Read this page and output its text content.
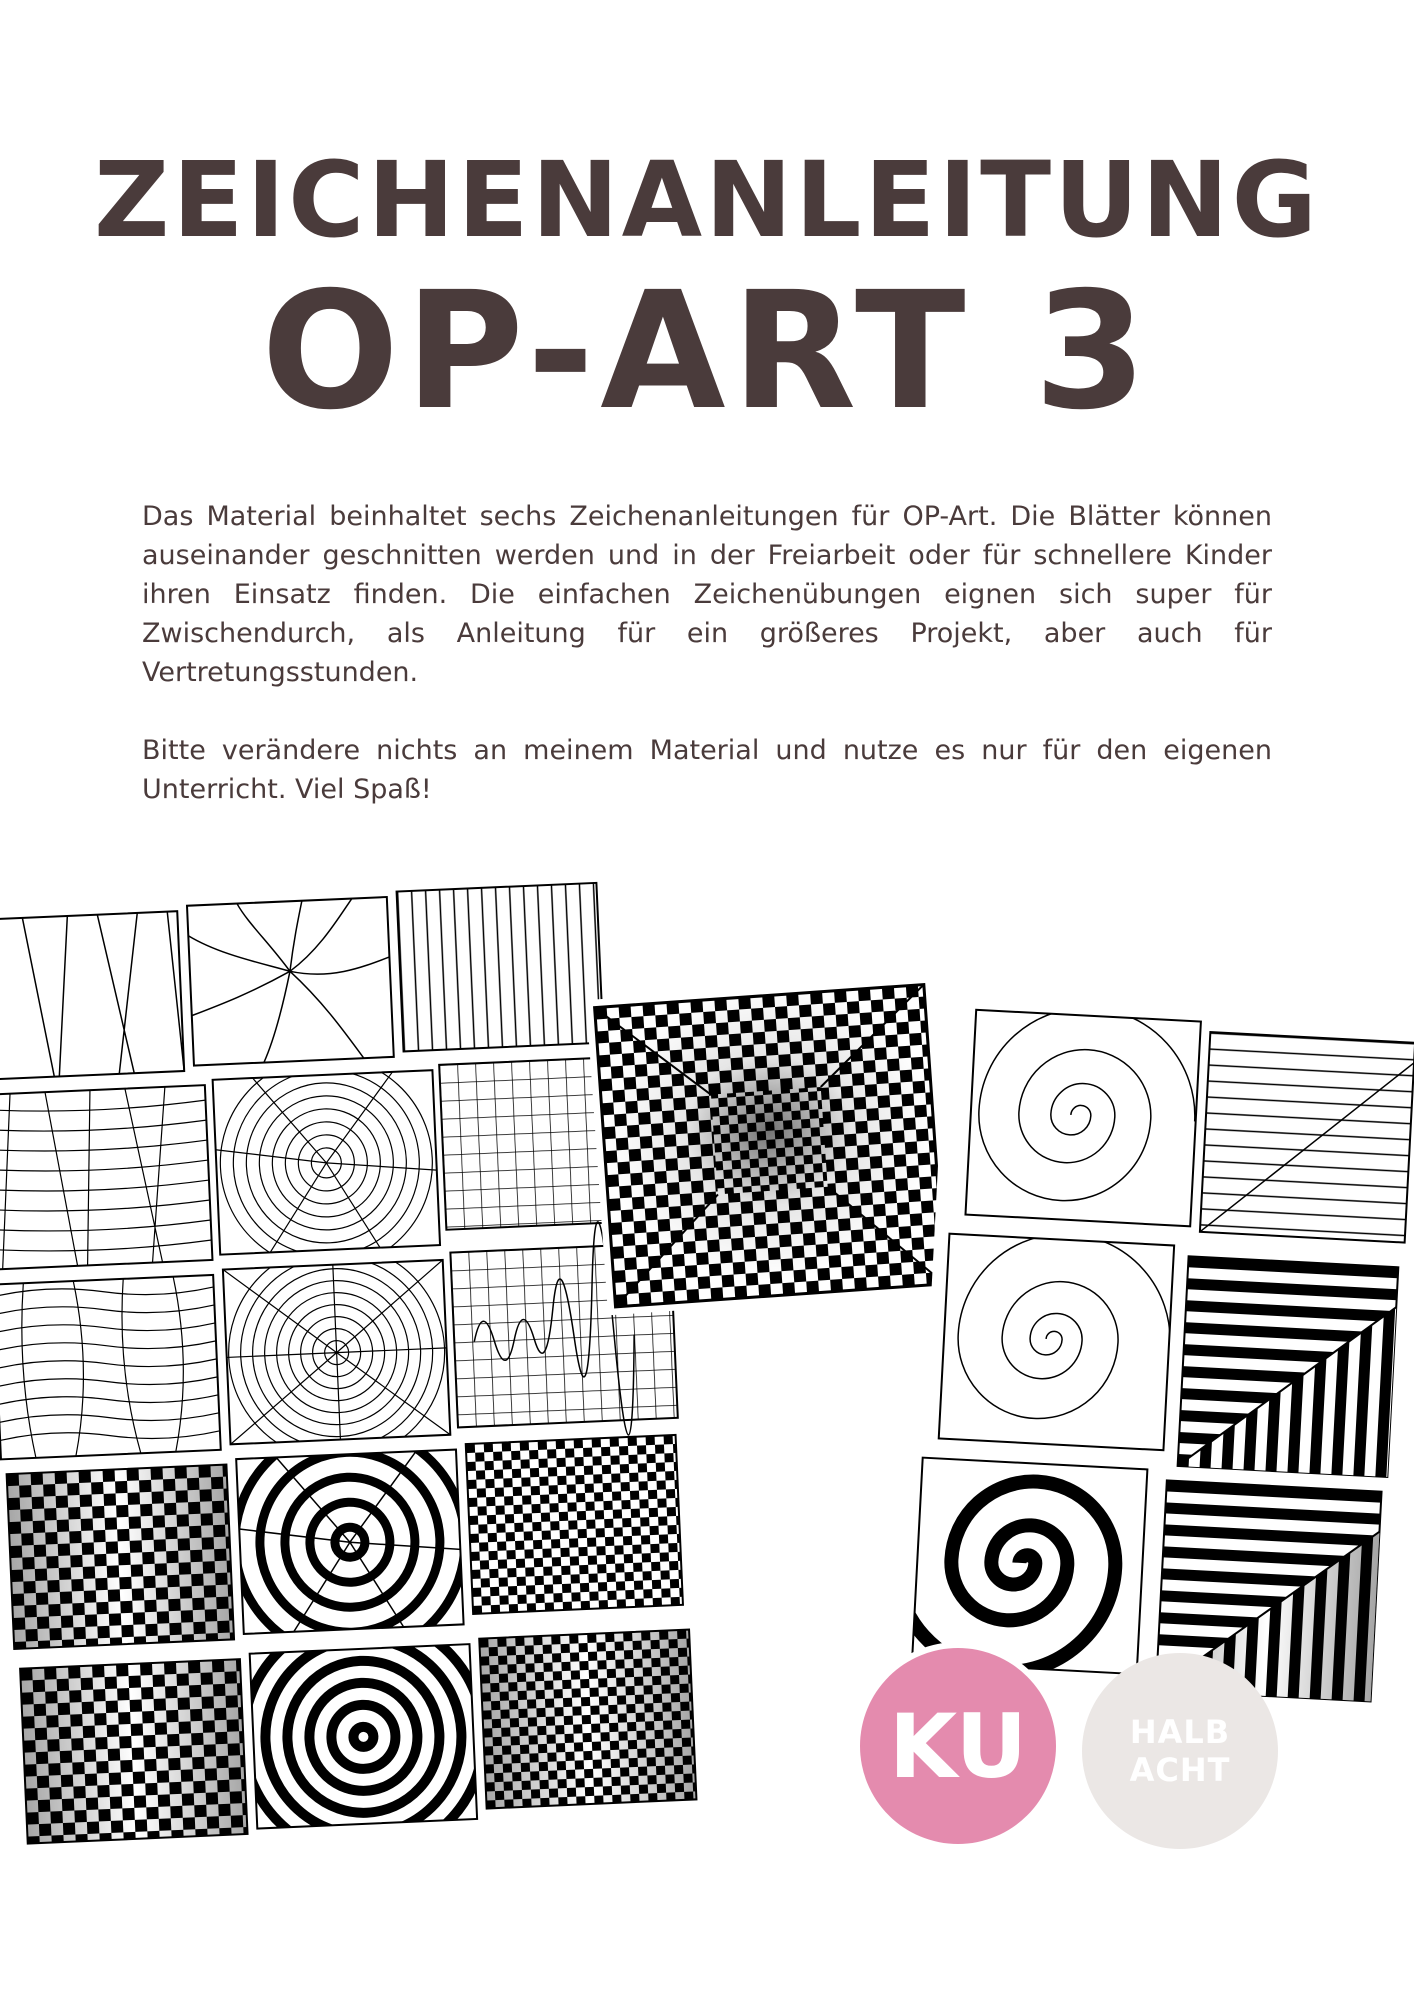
ZEICHENANLEITUNG
OP-ART 3

Das Material beinhaltet sechs Zeichenanleitungen für OP-Art. Die Blätter können auseinander geschnitten werden und in der Freiarbeit oder für schnellere Kinder ihren Einsatz finden. Die einfachen Zeichenübungen eignen sich super für Zwischendurch, als Anleitung für ein größeres Projekt, aber auch für Vertretungsstunden.

Bitte verändere nichts an meinem Material und nutze es nur für den eigenen Unterricht. Viel Spaß!

KU	HALB
ACHT
